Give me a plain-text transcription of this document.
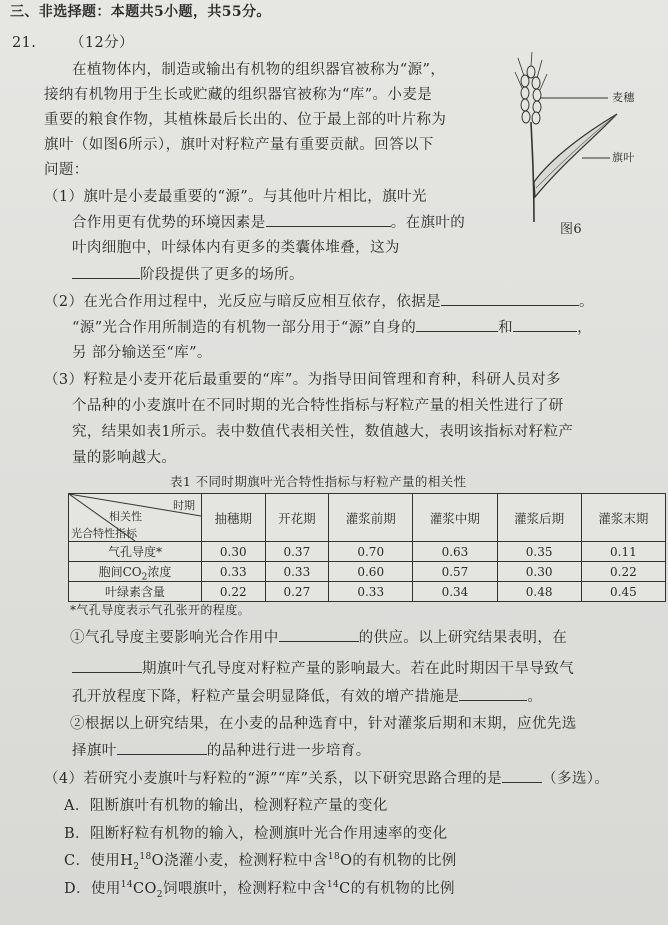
三、非选择题：本题共5小题，共55分。
21. （12分）
在植物体内，制造或输出有机物的组织器官被称为“源”，
接纳有机物用于生长或贮藏的组织器官被称为“库”。小麦是
重要的粮食作物，其植株最后长出的、位于最上部的叶片称为
旗叶（如图6所示），旗叶对籽粒产量有重要贡献。回答以下
问题：
（1）旗叶是小麦最重要的“源”。与其他叶片相比，旗叶光
合作用更有优势的环境因素是	。在旗叶的
叶肉细胞中，叶绿体内有更多的类囊体堆叠，这为
阶段提供了更多的场所。
麦穗
旗叶
图6
（2）在光合作用过程中，光反应与暗反应相互依存，依据是	。
“源”光合作用所制造的有机物一部分用于“源”自身的	和	，
另 部分输送至“库”。
（3）籽粒是小麦开花后最重要的“库”。为指导田间管理和育种，科研人员对多
个品种的小麦旗叶在不同时期的光合特性指标与籽粒产量的相关性进行了研
究，结果如表1所示。表中数值代表相关性，数值越大，表明该指标对籽粒产
量的影响越大。
表1 不同时期旗叶光合特性指标与籽粒产量的相关性
时期
相关性
光合特性指标	抽穗期	开花期	灌浆前期	灌浆中期	灌浆后期	灌浆末期
气孔导度*	0.30	0.37	0.70	0.63	0.35	0.11
胞间$CO_2$浓度	0.33	0.33	0.60	0.57	0.30	0.22
叶绿素含量	0.22	0.27	0.33	0.34	0.48	0.45
*气孔导度表示气孔张开的程度。
①气孔导度主要影响光合作用中	的供应。以上研究结果表明，在
期旗叶气孔导度对籽粒产量的影响最大。若在此时期因干旱导致气
孔开放程度下降，籽粒产量会明显降低，有效的增产措施是	。
②根据以上研究结果，在小麦的品种选育中，针对灌浆后期和末期，应优先选
择旗叶	的品种进行进一步培育。
（4）若研究小麦旗叶与籽粒的“源”“库”关系，以下研究思路合理的是	（多选）。
A．阻断旗叶有机物的输出，检测籽粒产量的变化
B．阻断籽粒有机物的输入，检测旗叶光合作用速率的变化
C．使用$H_2^{18}O$浇灌小麦，检测籽粒中含$^{18}$O的有机物的比例
D．使用$^{14}CO_2$饲喂旗叶，检测籽粒中含$^{14}$C的有机物的比例
